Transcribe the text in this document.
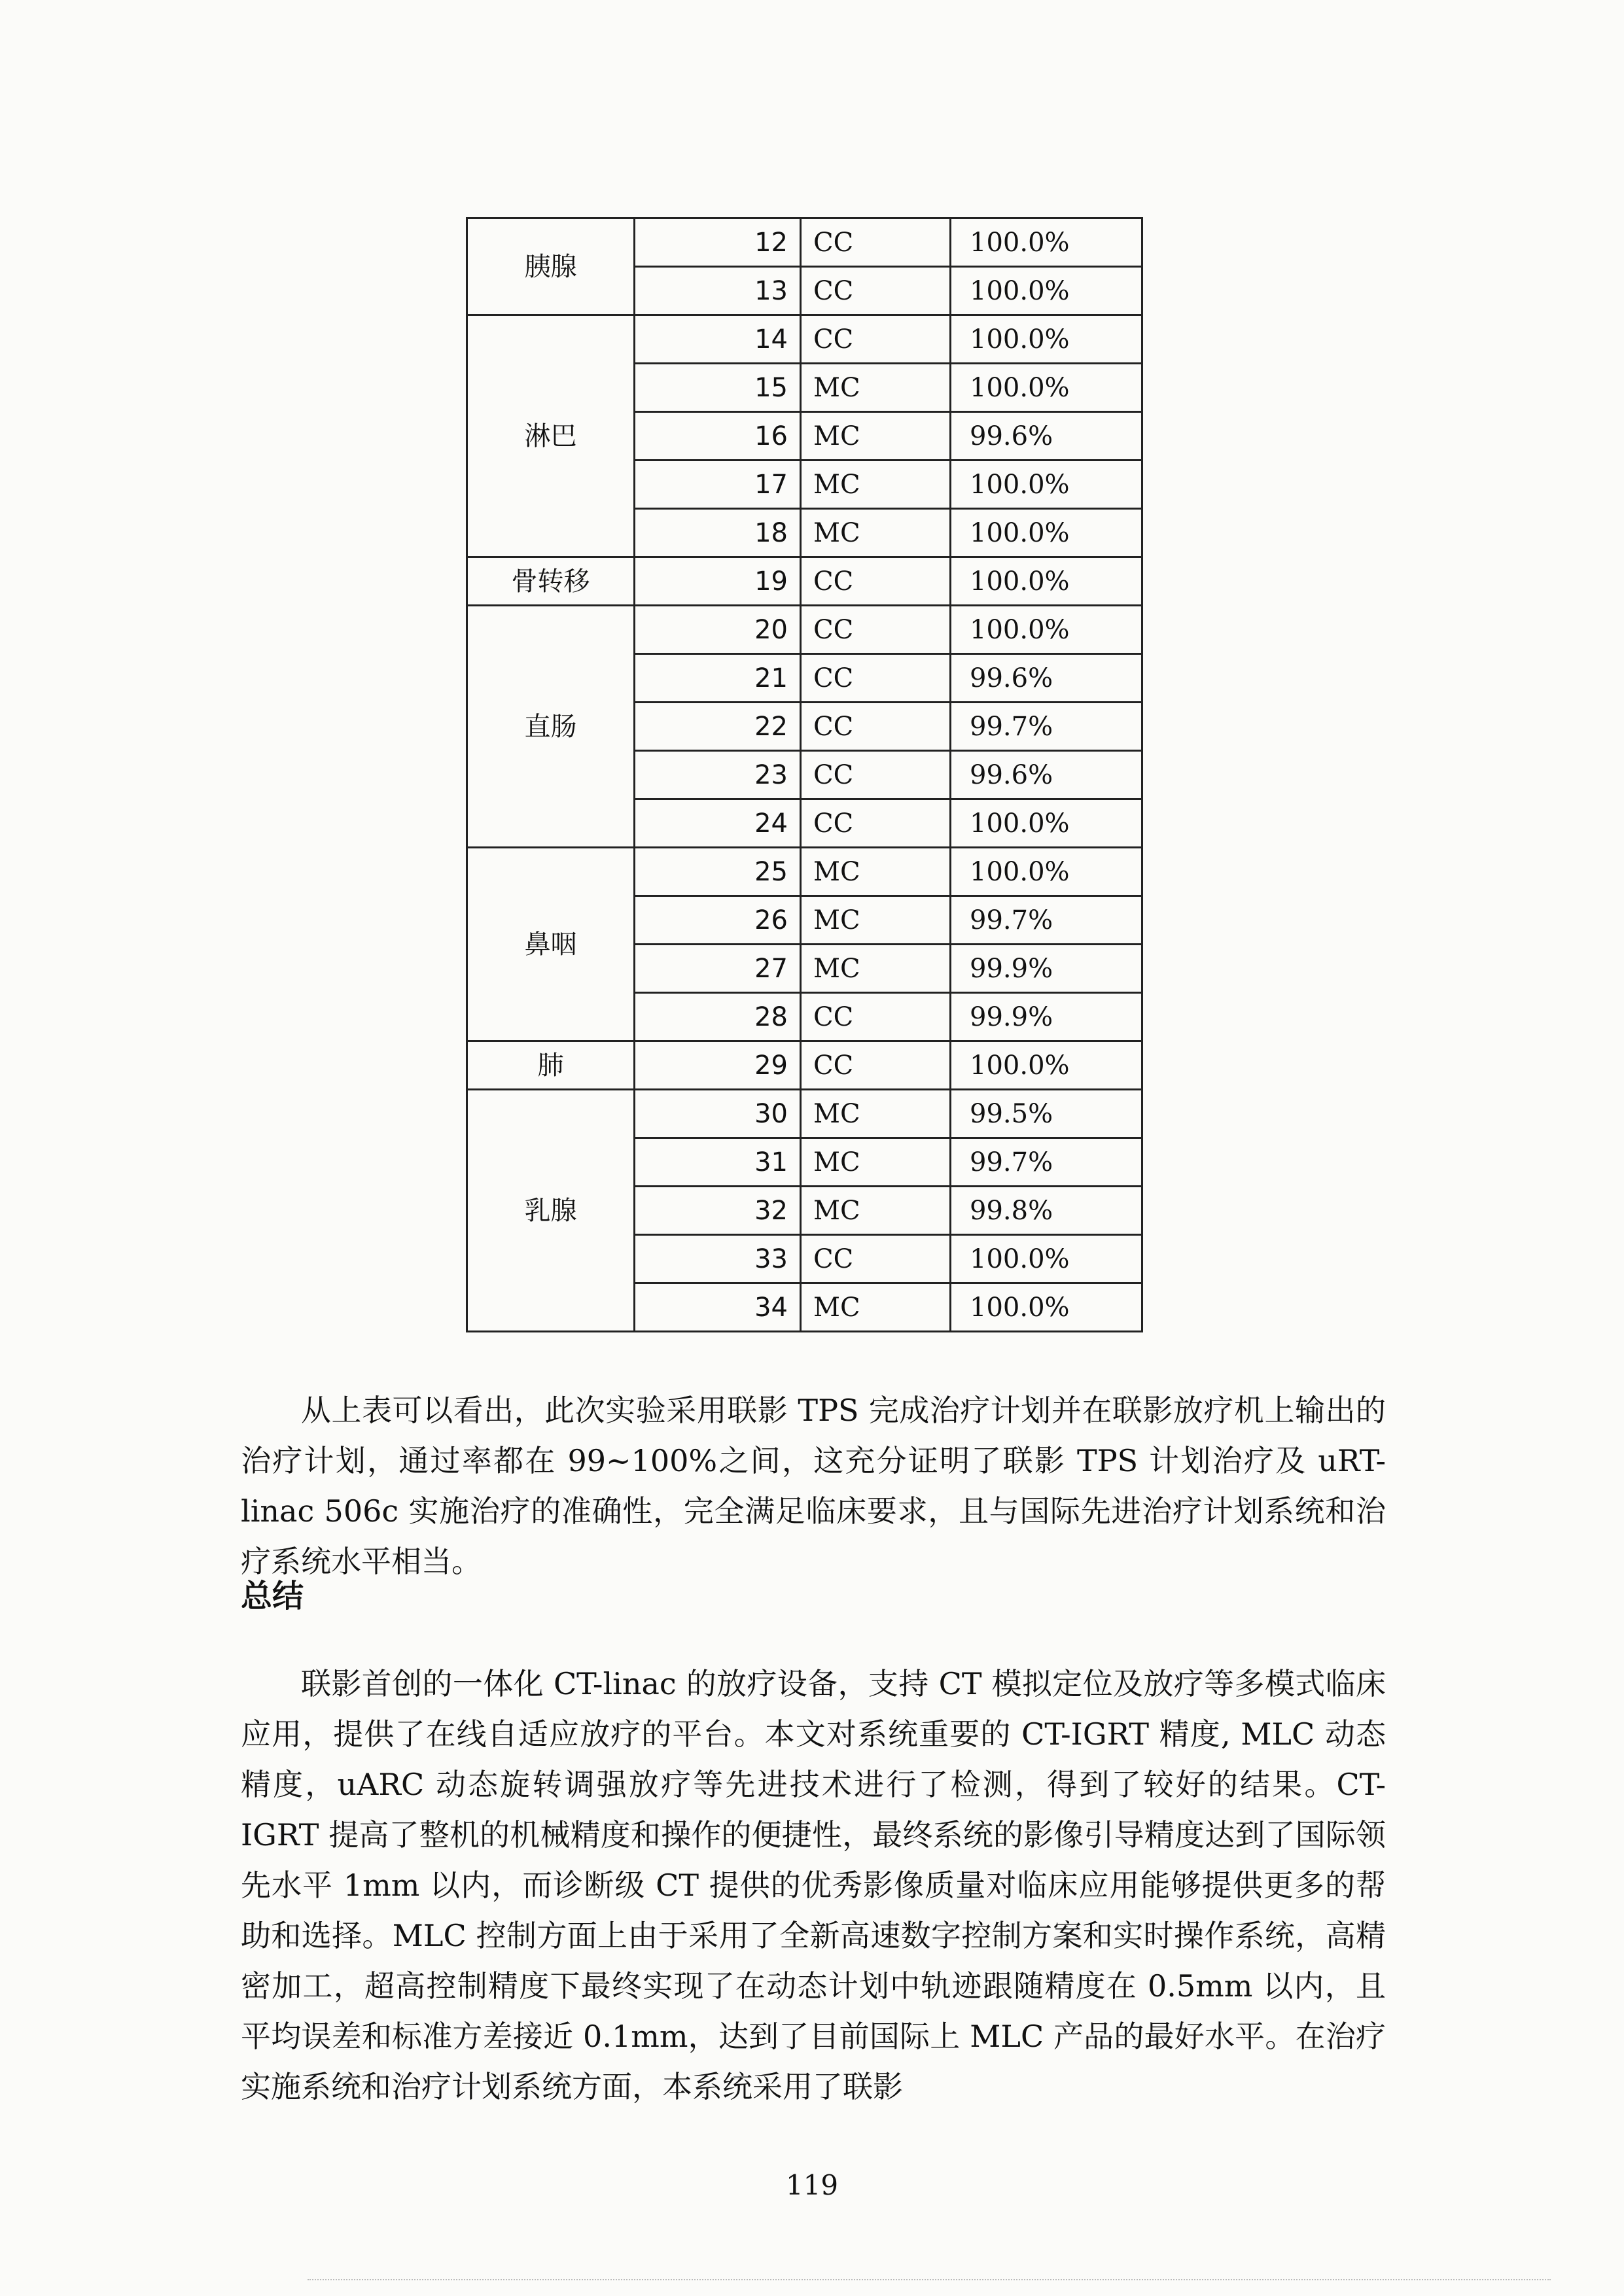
胰腺	12	CC	100.0%
	13	CC	100.0%
淋巴	14	CC	100.0%
	15	MC	100.0%
	16	MC	99.6%
	17	MC	100.0%
	18	MC	100.0%
骨转移	19	CC	100.0%
直肠	20	CC	100.0%
	21	CC	99.6%
	22	CC	99.7%
	23	CC	99.6%
	24	CC	100.0%
鼻咽	25	MC	100.0%
	26	MC	99.7%
	27	MC	99.9%
	28	CC	99.9%
肺	29	CC	100.0%
乳腺	30	MC	99.5%
	31	MC	99.7%
	32	MC	99.8%
	33	CC	100.0%
	34	MC	100.0%

从上表可以看出，此次实验采用联影 TPS 完成治疗计划并在联影放疗机上输出的治疗计划，通过率都在 99~100%之间，这充分证明了联影 TPS 计划治疗及 uRT-linac 506c 实施治疗的准确性，完全满足临床要求，且与国际先进治疗计划系统和治疗系统水平相当。

总结

联影首创的一体化 CT-linac 的放疗设备，支持 CT 模拟定位及放疗等多模式临床应用，提供了在线自适应放疗的平台。本文对系统重要的 CT-IGRT 精度, MLC 动态精度，uARC 动态旋转调强放疗等先进技术进行了检测，得到了较好的结果。CT-IGRT 提高了整机的机械精度和操作的便捷性，最终系统的影像引导精度达到了国际领先水平 1mm 以内，而诊断级 CT 提供的优秀影像质量对临床应用能够提供更多的帮助和选择。MLC 控制方面上由于采用了全新高速数字控制方案和实时操作系统，高精密加工，超高控制精度下最终实现了在动态计划中轨迹跟随精度在 0.5mm 以内，且平均误差和标准方差接近 0.1mm，达到了目前国际上 MLC 产品的最好水平。在治疗实施系统和治疗计划系统方面，本系统采用了联影

119
